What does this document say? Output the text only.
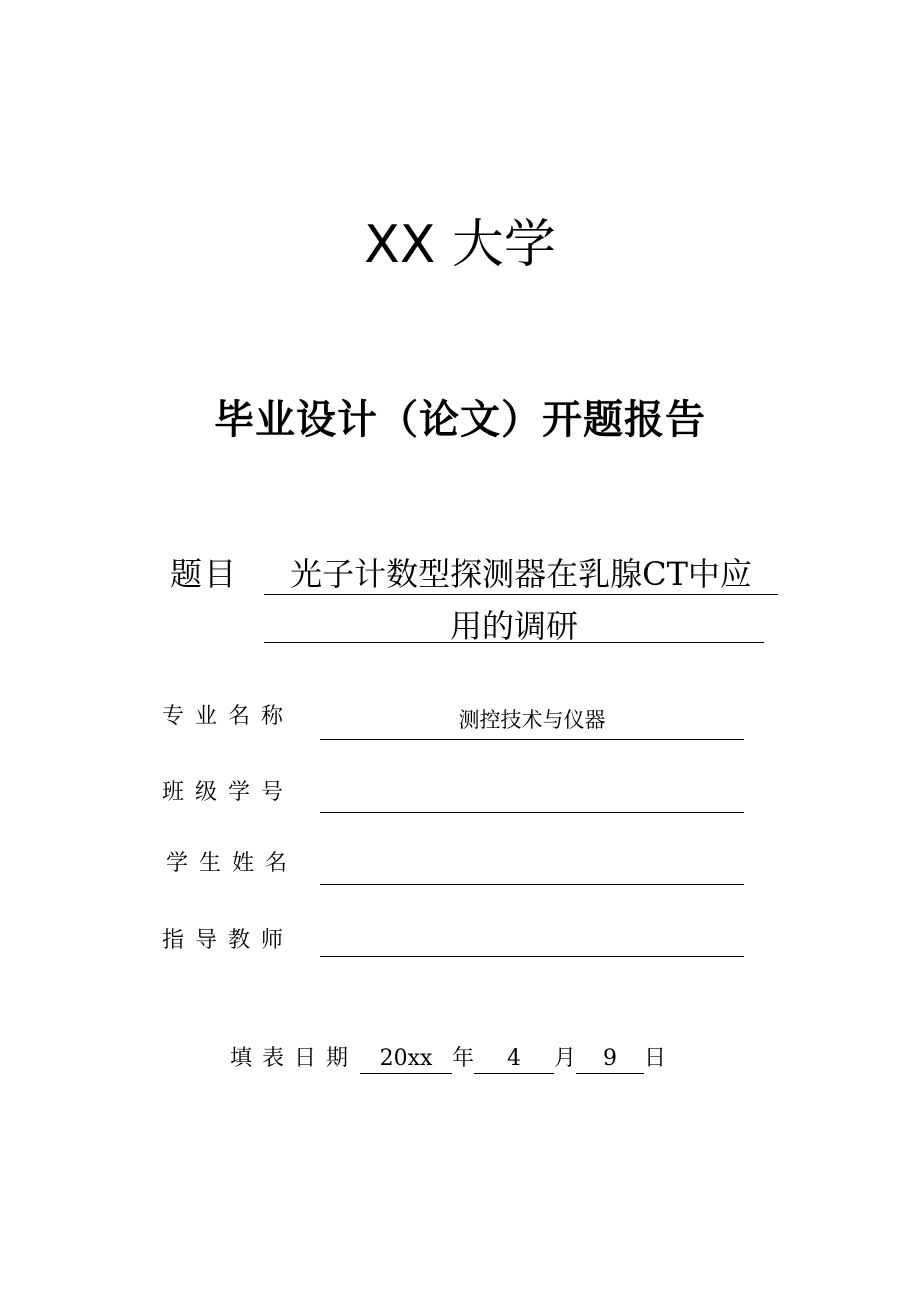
XX 大学
毕业设计（论文）开题报告
题目	光子计数型探测器在乳腺CT中应
用的调研
专业名称	测控技术与仪器
班级学号
学生姓名
指导教师
填表日期 20xx 年 4 月 9 日
